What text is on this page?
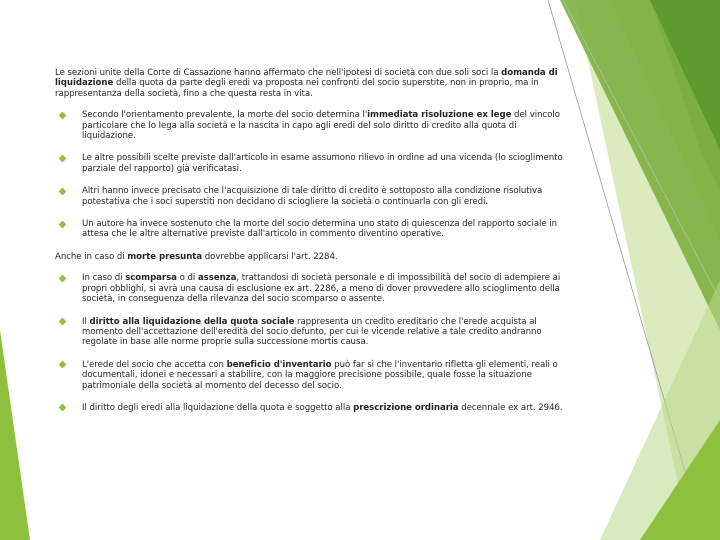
Le sezioni unite della Corte di Cassazione hanno affermato che nell'ipotesi di società con due soli soci la domanda di liquidazione della quota da parte degli eredi va proposta nei confronti del socio superstite, non in proprio, ma in rappresentanza della società, fino a che questa resta in vita.

Secondo l'orientamento prevalente, la morte del socio determina l'immediata risoluzione ex lege del vincolo particolare che lo lega alla società e la nascita in capo agli eredi del solo diritto di credito alla quota di liquidazione.
Le altre possibili scelte previste dall'articolo in esame assumono rilievo in ordine ad una vicenda (lo scioglimento parziale del rapporto) già verificatasi.
Altri hanno invece precisato che l'acquisizione di tale diritto di credito è sottoposto alla condizione risolutiva potestativa che i soci superstiti non decidano di sciogliere la società o continuarla con gli eredi.
Un autore ha invece sostenuto che la morte del socio determina uno stato di quiescenza del rapporto sociale in attesa che le altre alternative previste dall'articolo in commento diventino operative.

Anche in caso di morte presunta dovrebbe applicarsi l'art. 2284.

In caso di scomparsa o di assenza, trattandosi di società personale e di impossibilità del socio di adempiere ai propri obblighi, si avrà una causa di esclusione ex art. 2286, a meno di dover provvedere allo scioglimento della società, in conseguenza della rilevanza del socio scomparso o assente.
Il diritto alla liquidazione della quota sociale rappresenta un credito ereditario che l'erede acquista al momento dell'accettazione dell'eredità del socio defunto, per cui le vicende relative a tale credito andranno regolate in base alle norme proprie sulla successione mortis causa.
L'erede del socio che accetta con beneficio d'inventario può far sì che l'inventario rifletta gli elementi, reali o documentali, idonei e necessari a stabilire, con la maggiore precisione possibile, quale fosse la situazione patrimoniale della società al momento del decesso del socio.
Il diritto degli eredi alla liquidazione della quota è soggetto alla prescrizione ordinaria decennale ex art. 2946.
